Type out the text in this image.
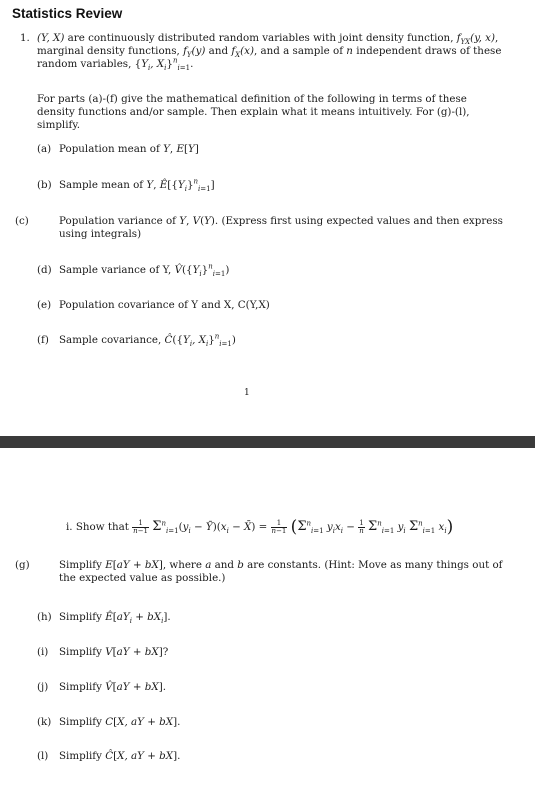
Statistics Review
1. (Y, X) are continuously distributed random variables with joint density function, $f_{YX}(y$, x), marginal density functions, $f_Y(y)$ and $f_X(x)$, and a sample of n independent draws of these random variables, {$Y_i$, $X_i\}^n_{i=1}$.
For parts (a)-(f) give the mathematical definition of the following in terms of these density functions and/or sample. Then explain what it means intuitively. For (g)-(l), simplify.
(a) Population mean of Y, E[Y]
(b) Sample mean of Y, $Ê[\{Y_i\}^n_{i=1}]$
(c)	Population variance of Y, V(Y). (Express first using expected values and then express using integrals)
(d) Sample variance of Y, $V̂(\{Y_i\}^n_{i=1})$
(e) Population covariance of Y and X, C(Y,X)
(f) Sample covariance, $Ĉ(\{Y_i$, $X_i\}^n_{i=1}$)
1
i. Show that $\frac{1}{n-1} \Sigma^n_{i=1}(y_i$ − $Ȳ)(x_i$ − X̄) = $\frac{1}{n-1} (\Sigma^n_{i=1}$ $y_ix_i - \frac{1}{n} \Sigma^n_{i=1}$ $y_i$ $\Sigma^n_{i=1}$ $x_i$)
(g)	Simplify E[aY + bX], where a and b are constants. (Hint: Move as many things out of the expected value as possible.)
(h) Simplify $Ê[aY_i + bX_i]$.
(i) Simplify V[aY + bX]?
(j) Simplify V̂[aY + bX].
(k) Simplify C[X, aY + bX].
(l) Simplify Ĉ[X, aY + bX].
